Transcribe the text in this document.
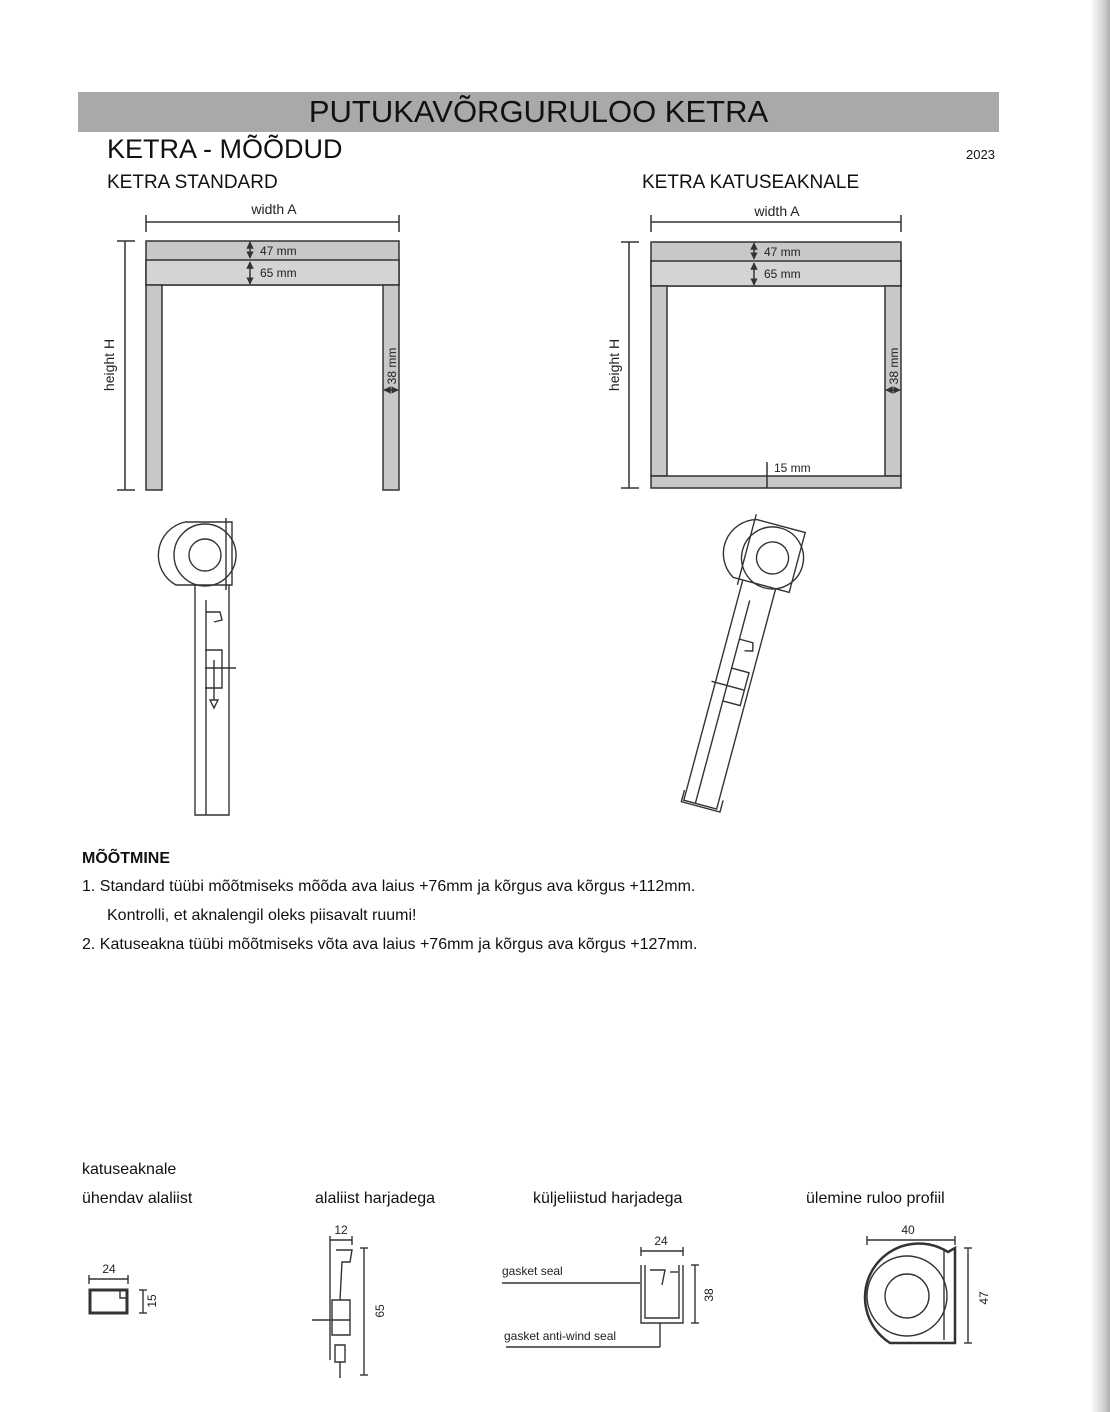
PUTUKAVÕRGURULOO KETRA
KETRA - MÕÕDUD	2023
KETRA STANDARD	KETRA KATUSEAKNALE
width A
height H
47 mm
65 mm
38 mm
width A
height H
47 mm
65 mm
38 mm
15 mm
24
15
12
65
24
38
gasket seal
gasket anti-wind seal
40
47
MÕÕTMINE
1. Standard tüübi mõõtmiseks mõõda ava laius +76mm ja kõrgus ava kõrgus +112mm.
Kontrolli, et aknalengil oleks piisavalt ruumi!
2. Katuseakna tüübi mõõtmiseks võta ava laius +76mm ja kõrgus ava kõrgus +127mm.
katuseaknale
ühendav alaliist	alaliist harjadega	küljeliistud harjadega	ülemine ruloo profiil
